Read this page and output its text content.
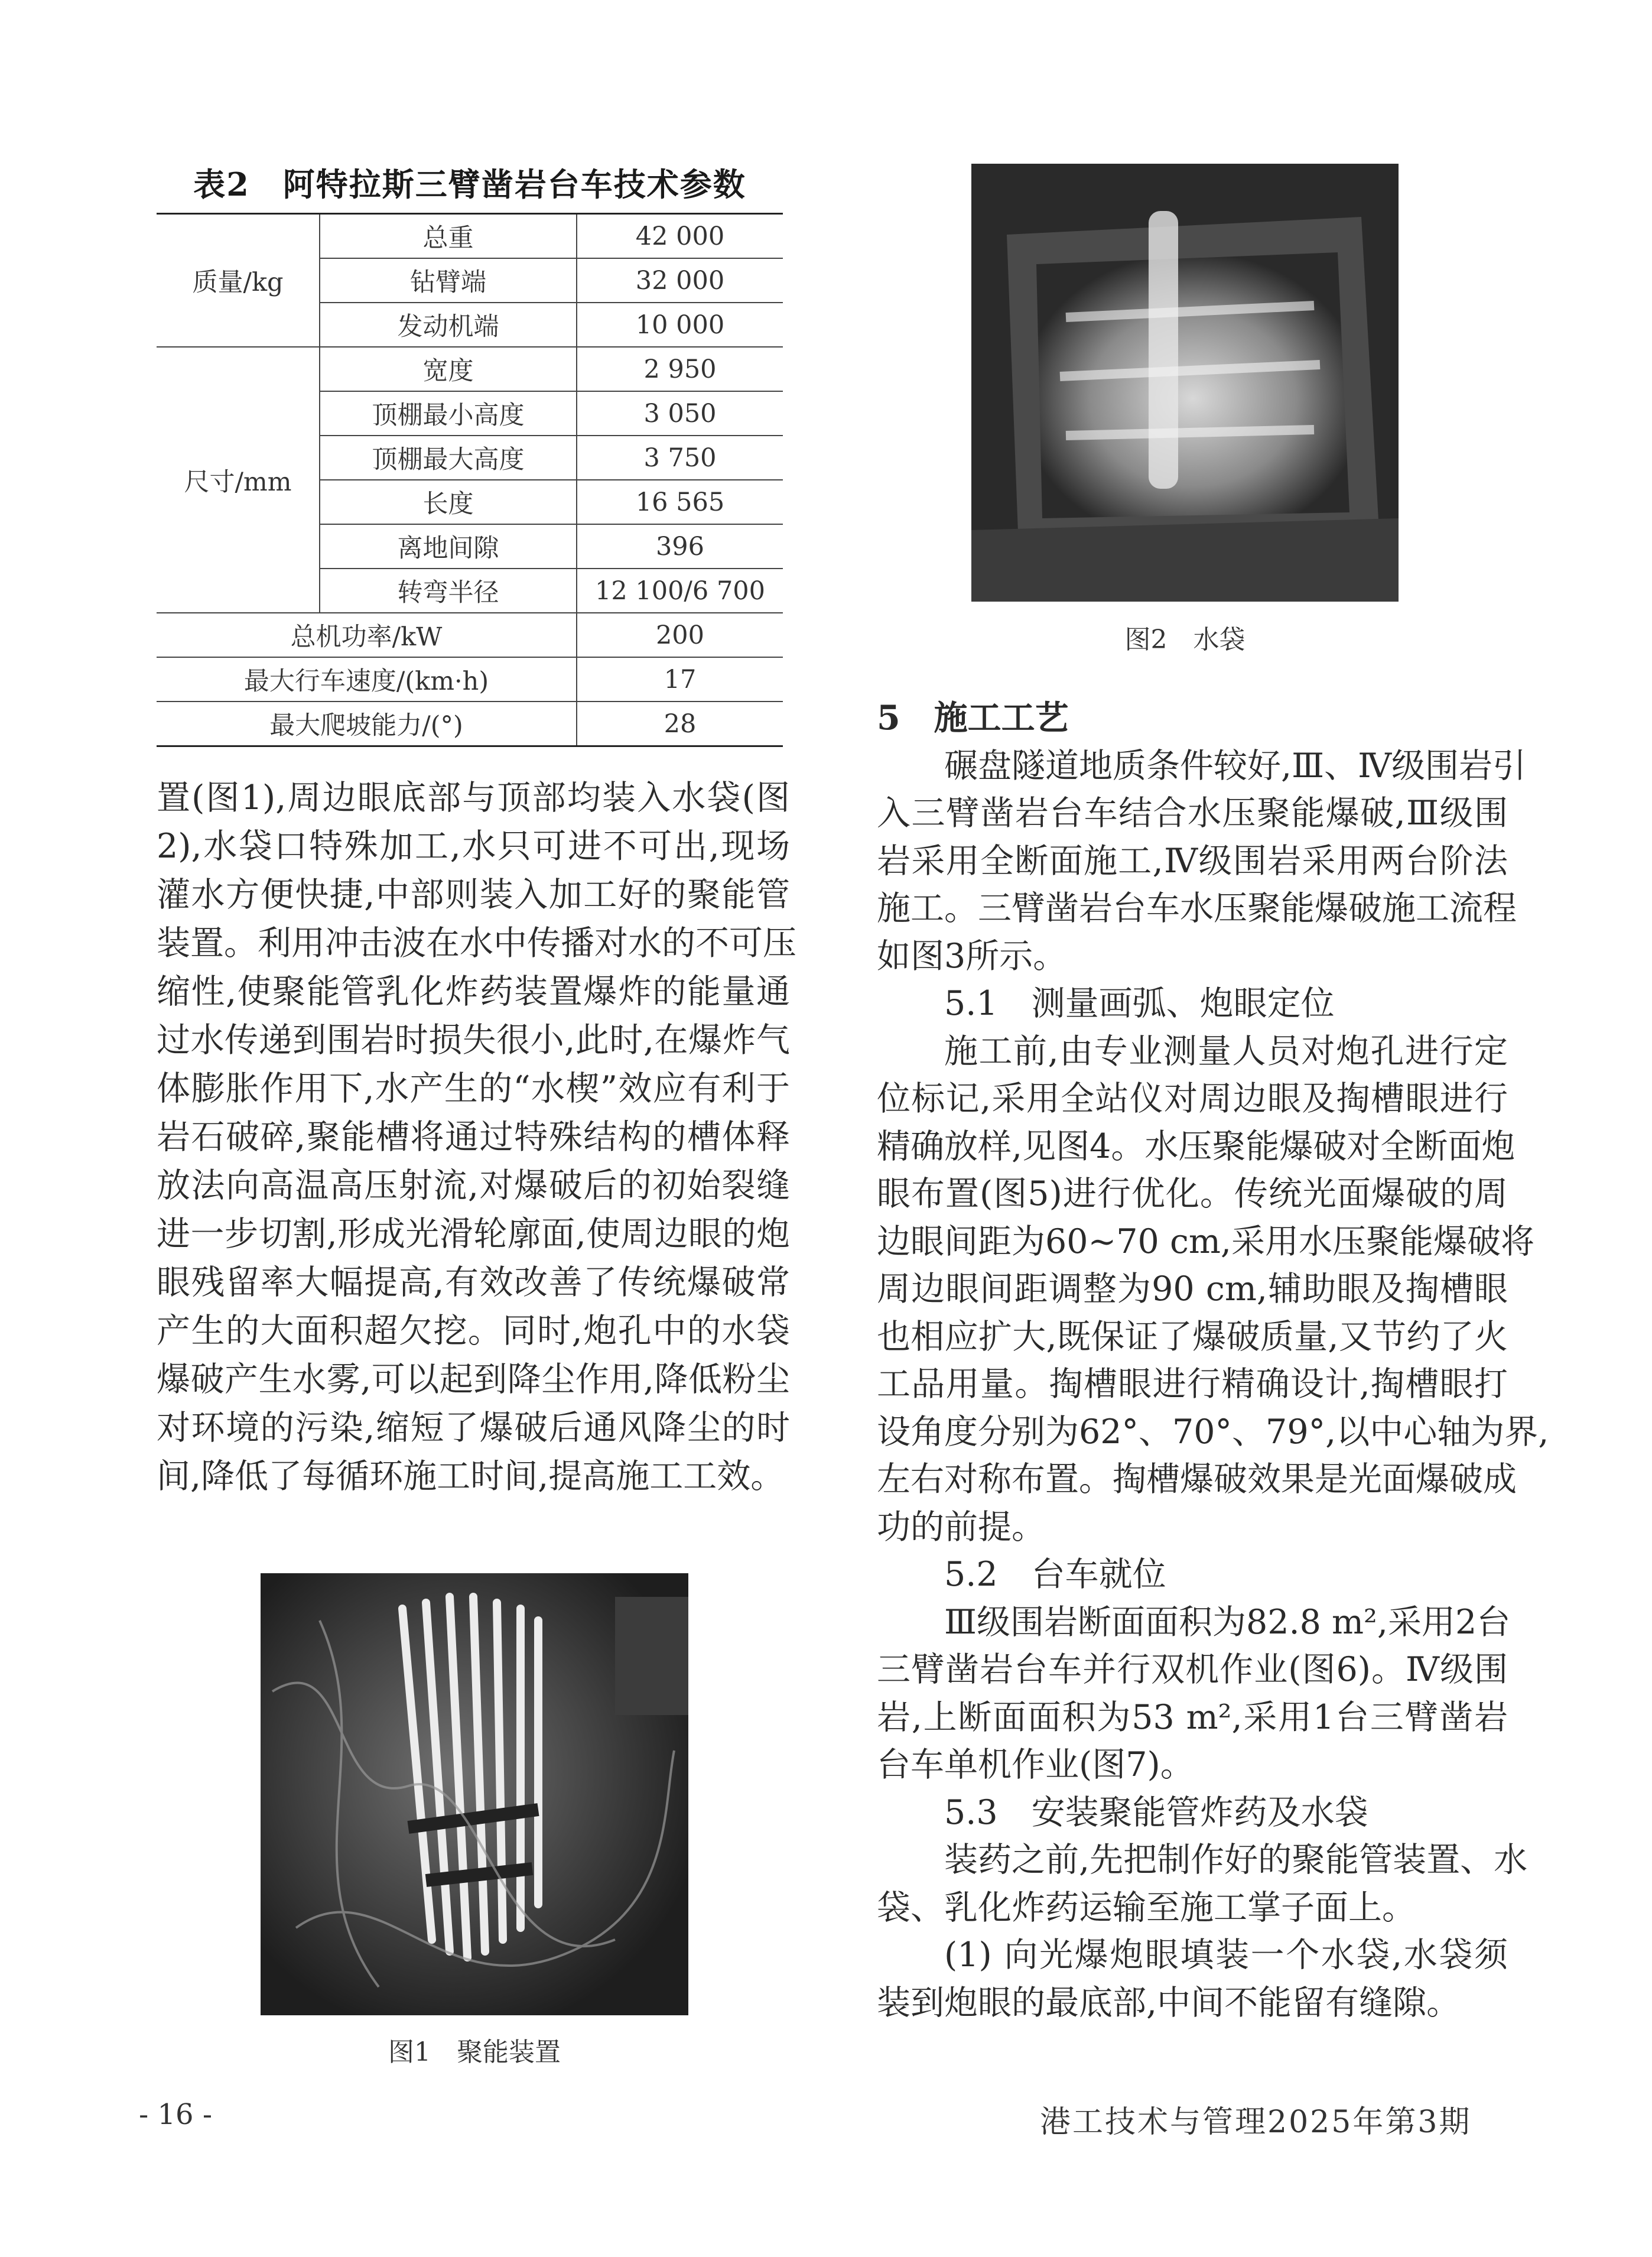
表2　阿特拉斯三臂凿岩台车技术参数
质量/kg	总重	42 000
	钻臂端	32 000
	发动机端	10 000
尺寸/mm	宽度	2 950
	顶棚最小高度	3 050
	顶棚最大高度	3 750
	长度	16 565
	离地间隙	396
	转弯半径	12 100/6 700
总机功率/kW		200
最大行车速度/(km·h)		17
最大爬坡能力/(°)		28
图2　水袋
图1　聚能装置
置(图1),周边眼底部与顶部均装入水袋(图
2),水袋口特殊加工,水只可进不可出,现场
灌水方便快捷,中部则装入加工好的聚能管
装置。利用冲击波在水中传播对水的不可压
缩性,使聚能管乳化炸药装置爆炸的能量通
过水传递到围岩时损失很小,此时,在爆炸气
体膨胀作用下,水产生的“水楔”效应有利于
岩石破碎,聚能槽将通过特殊结构的槽体释
放法向高温高压射流,对爆破后的初始裂缝
进一步切割,形成光滑轮廓面,使周边眼的炮
眼残留率大幅提高,有效改善了传统爆破常
产生的大面积超欠挖。同时,炮孔中的水袋
爆破产生水雾,可以起到降尘作用,降低粉尘
对环境的污染,缩短了爆破后通风降尘的时
间,降低了每循环施工时间,提高施工工效。
5　施工工艺
碾盘隧道地质条件较好,Ⅲ、Ⅳ级围岩引
入三臂凿岩台车结合水压聚能爆破,Ⅲ级围
岩采用全断面施工,Ⅳ级围岩采用两台阶法
施工。三臂凿岩台车水压聚能爆破施工流程
如图3所示。
5.1　测量画弧、炮眼定位
施工前,由专业测量人员对炮孔进行定
位标记,采用全站仪对周边眼及掏槽眼进行
精确放样,见图4。水压聚能爆破对全断面炮
眼布置(图5)进行优化。传统光面爆破的周
边眼间距为60~70 cm,采用水压聚能爆破将
周边眼间距调整为90 cm,辅助眼及掏槽眼
也相应扩大,既保证了爆破质量,又节约了火
工品用量。掏槽眼进行精确设计,掏槽眼打
设角度分别为62°、70°、79°,以中心轴为界,
左右对称布置。掏槽爆破效果是光面爆破成
功的前提。
5.2　台车就位
Ⅲ级围岩断面面积为82.8 m²,采用2台
三臂凿岩台车并行双机作业(图6)。Ⅳ级围
岩,上断面面积为53 m²,采用1台三臂凿岩
台车单机作业(图7)。
5.3　安装聚能管炸药及水袋
装药之前,先把制作好的聚能管装置、水
袋、乳化炸药运输至施工掌子面上。
(1) 向光爆炮眼填装一个水袋,水袋须
装到炮眼的最底部,中间不能留有缝隙。
- 16 -	港工技术与管理2025年第3期
